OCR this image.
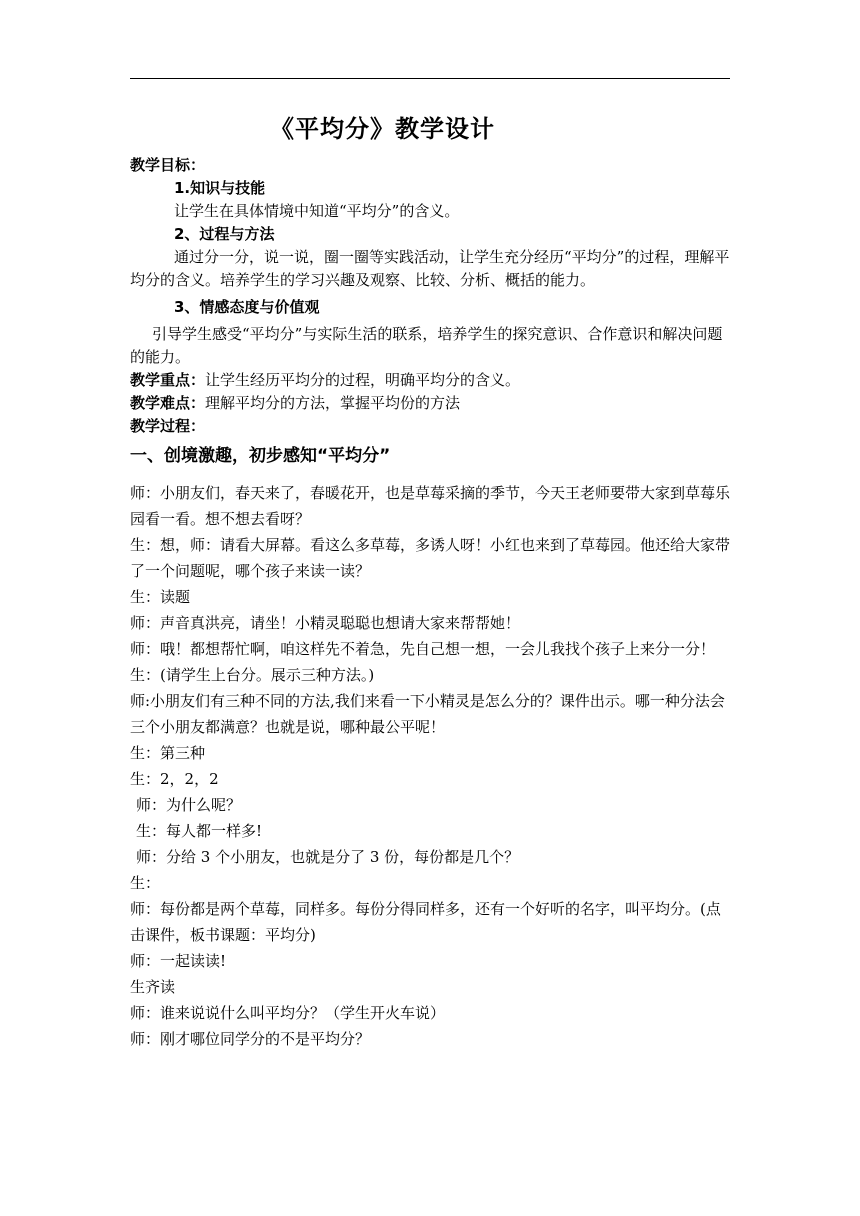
《平均分》教学设计

教学目标：

1.知识与技能

让学生在具体情境中知道“平均分”的含义。

2、过程与方法

通过分一分，说一说，圈一圈等实践活动，让学生充分经历“平均分”的过程，理解平均分的含义。培养学生的学习兴趣及观察、比较、分析、概括的能力。

3、情感态度与价值观

引导学生感受“平均分”与实际生活的联系，培养学生的探究意识、合作意识和解决问题的能力。

教学重点：让学生经历平均分的过程，明确平均分的含义。

教学难点：理解平均分的方法，掌握平均份的方法

教学过程：

一、创境激趣，初步感知“平均分”

师：小朋友们，春天来了，春暖花开，也是草莓采摘的季节，今天王老师要带大家到草莓乐园看一看。想不想去看呀？

生：想，师：请看大屏幕。看这么多草莓，多诱人呀！小红也来到了草莓园。他还给大家带了一个问题呢，哪个孩子来读一读？

生：读题

师：声音真洪亮，请坐！小精灵聪聪也想请大家来帮帮她！

师：哦！都想帮忙啊，咱这样先不着急，先自己想一想，一会儿我找个孩子上来分一分！

生：(请学生上台分。展示三种方法。)

师:小朋友们有三种不同的方法,我们来看一下小精灵是怎么分的？课件出示。哪一种分法会三个小朋友都满意？也就是说，哪种最公平呢！

生：第三种

生：2，2，2

师：为什么呢？

生：每人都一样多!

师：分给 3 个小朋友，也就是分了 3 份，每份都是几个？

生：

师：每份都是两个草莓，同样多。每份分得同样多，还有一个好听的名字，叫平均分。(点击课件，板书课题：平均分)

师：一起读读!

生齐读

师：谁来说说什么叫平均分？（学生开火车说）

师：刚才哪位同学分的不是平均分？
